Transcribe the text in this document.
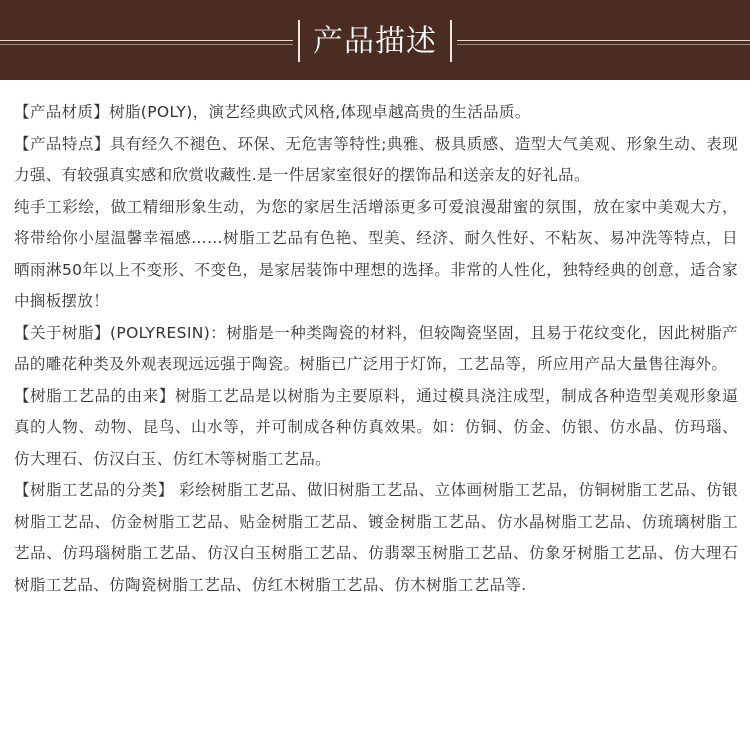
产品描述

【产品材质】树脂(POLY)，演艺经典欧式风格,体现卓越高贵的生活品质。

【产品特点】具有经久不褪色、环保、无危害等特性;典雅、极具质感、造型大气美观、形象生动、表现力强、有较强真实感和欣赏收藏性.是一件居家室很好的摆饰品和送亲友的好礼品。

纯手工彩绘，做工精细形象生动，为您的家居生活增添更多可爱浪漫甜蜜的氛围，放在家中美观大方，将带给你小屋温馨幸福感……树脂工艺品有色艳、型美、经济、耐久性好、不粘灰、易冲洗等特点，日晒雨淋50年以上不变形、不变色，是家居装饰中理想的选择。非常的人性化，独特经典的创意，适合家中搁板摆放！

【关于树脂】(POLYRESIN)：树脂是一种类陶瓷的材料，但较陶瓷坚固，且易于花纹变化，因此树脂产品的雕花种类及外观表现远远强于陶瓷。树脂已广泛用于灯饰，工艺品等，所应用产品大量售往海外。

【树脂工艺品的由来】树脂工艺品是以树脂为主要原料，通过模具浇注成型，制成各种造型美观形象逼真的人物、动物、昆鸟、山水等，并可制成各种仿真效果。如：仿铜、仿金、仿银、仿水晶、仿玛瑙、仿大理石、仿汉白玉、仿红木等树脂工艺品。

【树脂工艺品的分类】 彩绘树脂工艺品、做旧树脂工艺品、立体画树脂工艺品，仿铜树脂工艺品、仿银树脂工艺品、仿金树脂工艺品、贴金树脂工艺品、镀金树脂工艺品、仿水晶树脂工艺品、仿琉璃树脂工艺品、仿玛瑙树脂工艺品、仿汉白玉树脂工艺品、仿翡翠玉树脂工艺品、仿象牙树脂工艺品、仿大理石树脂工艺品、仿陶瓷树脂工艺品、仿红木树脂工艺品、仿木树脂工艺品等.
